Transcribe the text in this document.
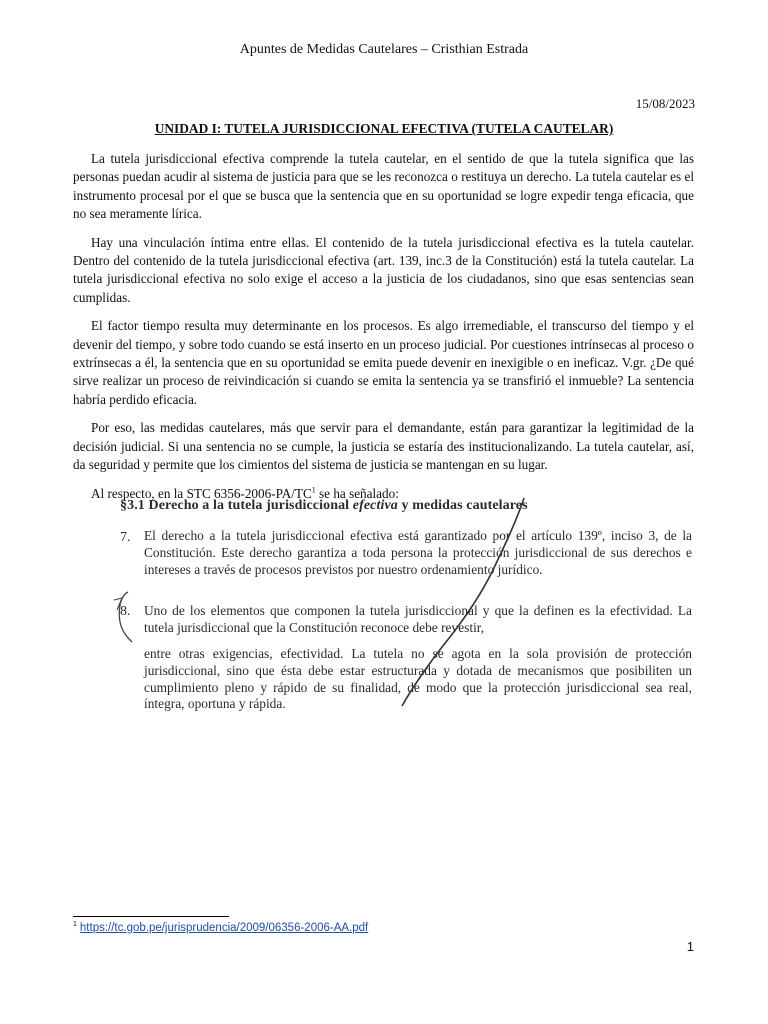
Apuntes de Medidas Cautelares – Cristhian Estrada
15/08/2023
UNIDAD I: TUTELA JURISDICCIONAL EFECTIVA (TUTELA CAUTELAR)

La tutela jurisdiccional efectiva comprende la tutela cautelar, en el sentido de que la tutela significa que las personas puedan acudir al sistema de justicia para que se les reconozca o restituya un derecho. La tutela cautelar es el instrumento procesal por el que se busca que la sentencia que en su oportunidad se logre expedir tenga eficacia, que no sea meramente lírica.

Hay una vinculación íntima entre ellas. El contenido de la tutela jurisdiccional efectiva es la tutela cautelar. Dentro del contenido de la tutela jurisdiccional efectiva (art. 139, inc.3 de la Constitución) está la tutela cautelar. La tutela jurisdiccional efectiva no solo exige el acceso a la justicia de los ciudadanos, sino que esas sentencias sean cumplidas.

El factor tiempo resulta muy determinante en los procesos. Es algo irremediable, el transcurso del tiempo y el devenir del tiempo, y sobre todo cuando se está inserto en un proceso judicial. Por cuestiones intrínsecas al proceso o extrínsecas a él, la sentencia que en su oportunidad se emita puede devenir en inexigible o en ineficaz. V.gr. ¿De qué sirve realizar un proceso de reivindicación si cuando se emita la sentencia ya se transfirió el inmueble? La sentencia habría perdido eficacia.

Por eso, las medidas cautelares, más que servir para el demandante, están para garantizar la legitimidad de la decisión judicial. Si una sentencia no se cumple, la justicia se estaría des institucionalizando. La tutela cautelar, así, da seguridad y permite que los cimientos del sistema de justicia se mantengan en su lugar.

Al respecto, en la STC $6356-2006-PA/TC^1$ se ha señalado:

§3.1 Derecho a la tutela jurisdiccional efectiva y medidas cautelares
7. El derecho a la tutela jurisdiccional efectiva está garantizado por el artículo 139º, inciso 3, de la Constitución. Este derecho garantiza a toda persona la protección jurisdiccional de sus derechos e intereses a través de procesos previstos por nuestro ordenamiento jurídico.
8. Uno de los elementos que componen la tutela jurisdiccional y que la definen es la efectividad. La tutela jurisdiccional que la Constitución reconoce debe revestir,
entre otras exigencias, efectividad. La tutela no se agota en la sola provisión de protección jurisdiccional, sino que ésta debe estar estructurada y dotada de mecanismos que posibiliten un cumplimiento pleno y rápido de su finalidad, de modo que la protección jurisdiccional sea real, íntegra, oportuna y rápida.
$^1$ https://tc.gob.pe/jurisprudencia/2009/06356-2006-AA.pdf
1
